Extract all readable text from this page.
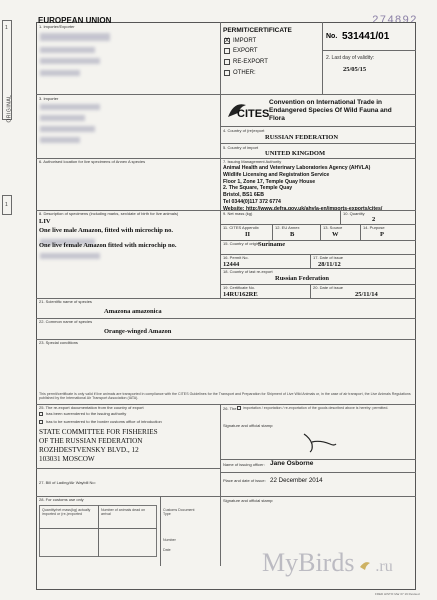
1
ORIGINAL
1
274892
EUROPEAN UNION
1. Importer/Exporter
PERMIT/CERTIFICATE
X IMPORT
EXPORT
RE-EXPORT
OTHER:
No. 531441/01
2. Last day of validity:
25/05/15
3. Importer
CITES
Convention on International Trade in Endangered Species Of Wild Fauna and Flora
4. Country of (re)export
RUSSIAN FEDERATION
5. Country of import
UNITED KINGDOM
6. Authorised location for live specimens of Annex A species	7. Issuing Management Authority
Animal Health and Veterinary Laboratories Agency (AHVLA)
Wildlife Licensing and Registration Service
Floor 1, Zone 17, Temple Quay House
2. The Square, Temple Quay
Bristol, BS1 6EB
Tel 0344(0)117 372 6774
Website: http://www.defra.gov.uk/ahvla-en/imports-exports/cites/
8. Description of specimens (including marks, sex/date of birth for live animals)
LIV
One live male Amazon, fitted with microchip no.
One live female Amazon fitted with microchip no.
9. Net mass (kg)	10. Quantity
2
11. CITES Appendix
II
12. EU Annex
B
13. Source
W
14. Purpose
P
15. Country of origin
Suriname
16. Permit No.
12444
17. Date of issue
28/11/12
18. Country of last re-export
Russian Federation
19. Certificate No.
14RU162RE
20. Date of issue
25/11/14
21. Scientific name of species
Amazona amazonica
22. Common name of species
Orange-winged Amazon
23. Special conditions
This permit/certificate is only valid if live animals are transported in compliance with the CITES Guidelines for the Transport and Preparation for Shipment of Live Wild Animals or, in the case of air transport, the Live Animals Regulations published by the International Air Transport Association (IATA).
25. The re-export documentation from the country of export
has been surrendered to the issuing authority
has to be surrendered to the border customs office of introduction
STATE COMMITTEE FOR FISHERIES
OF THE RUSSIAN FEDERATION
ROZHDESTVENSKY BLVD., 12
103031 MOSCOW
26. The importation / exportation / re-exportation of the goods described above is hereby: permitted.
Signature and official stamp:
Name of issuing officer: Jane Osborne
Place and date of issue: 22 December 2014
27. Bill of Lading/Air Waybill No:
28. For customs use only
Quantity/net mass(kg) actually imported or (re-)exported
Number of animals dead on arrival
Customs Document Type
Number
Date
Signature and official stamp:
FRED HIST/F Mar 07 19 Revised
MyBirds .ru
